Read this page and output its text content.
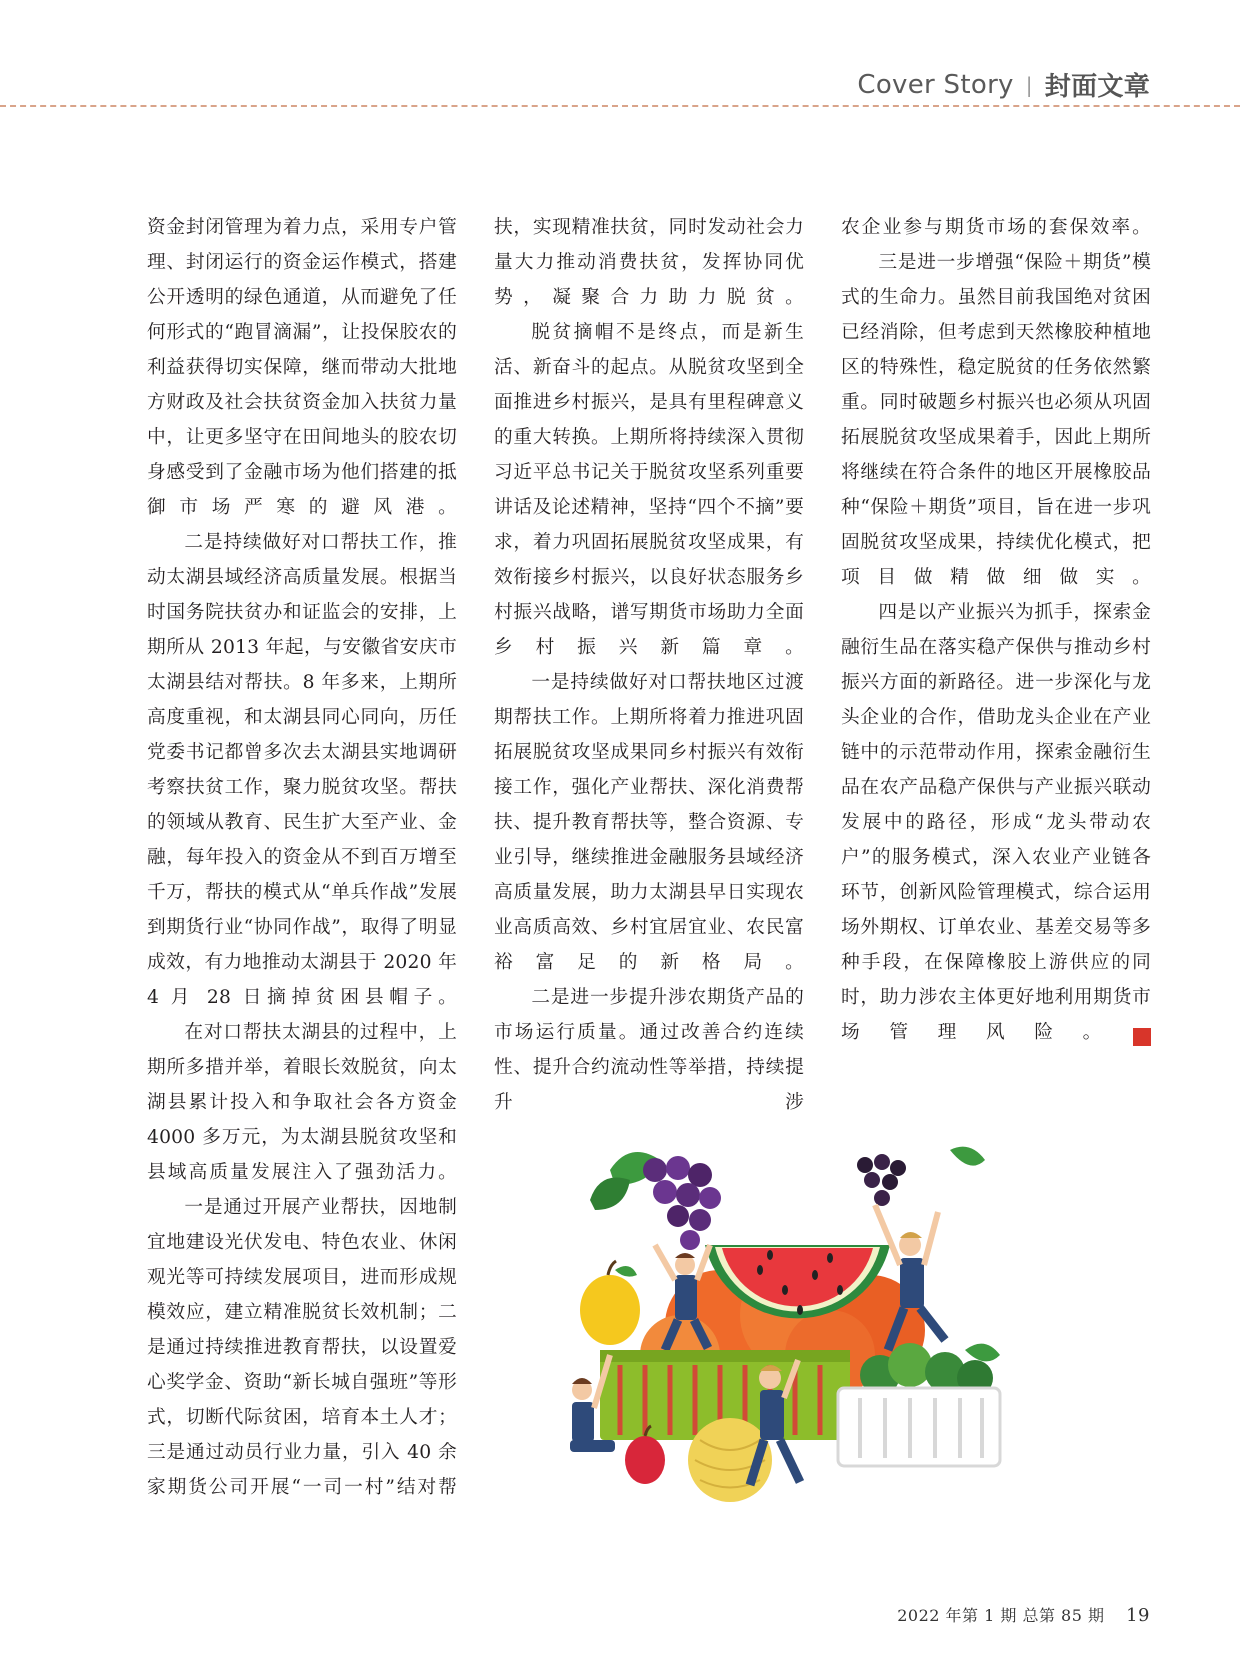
Cover Story | 封面文章

资金封闭管理为着力点，采用专户管理、封闭运行的资金运作模式，搭建公开透明的绿色通道，从而避免了任何形式的“跑冒滴漏”，让投保胶农的利益获得切实保障，继而带动大批地方财政及社会扶贫资金加入扶贫力量中，让更多坚守在田间地头的胶农切身感受到了金融市场为他们搭建的抵御市场严寒的避风港。

二是持续做好对口帮扶工作，推动太湖县域经济高质量发展。根据当时国务院扶贫办和证监会的安排，上期所从 2013 年起，与安徽省安庆市太湖县结对帮扶。8 年多来，上期所高度重视，和太湖县同心同向，历任党委书记都曾多次去太湖县实地调研考察扶贫工作，聚力脱贫攻坚。帮扶的领域从教育、民生扩大至产业、金融，每年投入的资金从不到百万增至千万，帮扶的模式从“单兵作战”发展到期货行业“协同作战”，取得了明显成效，有力地推动太湖县于 2020 年 4 月 28 日摘掉贫困县帽子。

在对口帮扶太湖县的过程中，上期所多措并举，着眼长效脱贫，向太湖县累计投入和争取社会各方资金 4000 多万元，为太湖县脱贫攻坚和县域高质量发展注入了强劲活力。

一是通过开展产业帮扶，因地制宜地建设光伏发电、特色农业、休闲观光等可持续发展项目，进而形成规模效应，建立精准脱贫长效机制；二是通过持续推进教育帮扶，以设置爱心奖学金、资助“新长城自强班”等形式，切断代际贫困，培育本土人才；三是通过动员行业力量，引入 40 余家期货公司开展“一司一村”结对帮

扶，实现精准扶贫，同时发动社会力量大力推动消费扶贫，发挥协同优势，凝聚合力助力脱贫。

脱贫摘帽不是终点，而是新生活、新奋斗的起点。从脱贫攻坚到全面推进乡村振兴，是具有里程碑意义的重大转换。上期所将持续深入贯彻习近平总书记关于脱贫攻坚系列重要讲话及论述精神，坚持“四个不摘”要求，着力巩固拓展脱贫攻坚成果，有效衔接乡村振兴，以良好状态服务乡村振兴战略，谱写期货市场助力全面乡村振兴新篇章。

一是持续做好对口帮扶地区过渡期帮扶工作。上期所将着力推进巩固拓展脱贫攻坚成果同乡村振兴有效衔接工作，强化产业帮扶、深化消费帮扶、提升教育帮扶等，整合资源、专业引导，继续推进金融服务县域经济高质量发展，助力太湖县早日实现农业高质高效、乡村宜居宜业、农民富裕富足的新格局。

二是进一步提升涉农期货产品的市场运行质量。通过改善合约连续性、提升合约流动性等举措，持续提升涉

农企业参与期货市场的套保效率。

三是进一步增强“保险＋期货”模式的生命力。虽然目前我国绝对贫困已经消除，但考虑到天然橡胶种植地区的特殊性，稳定脱贫的任务依然繁重。同时破题乡村振兴也必须从巩固拓展脱贫攻坚成果着手，因此上期所将继续在符合条件的地区开展橡胶品种“保险＋期货”项目，旨在进一步巩固脱贫攻坚成果，持续优化模式，把项目做精做细做实。

四是以产业振兴为抓手，探索金融衍生品在落实稳产保供与推动乡村振兴方面的新路径。进一步深化与龙头企业的合作，借助龙头企业在产业链中的示范带动作用，探索金融衍生品在农产品稳产保供与产业振兴联动发展中的路径，形成“龙头带动农户”的服务模式，深入农业产业链各环节，创新风险管理模式，综合运用场外期权、订单农业、基差交易等多种手段，在保障橡胶上游供应的同时，助力涉农主体更好地利用期货市场管理风险。	CM

2022 年第 1 期 总第 85 期 19
